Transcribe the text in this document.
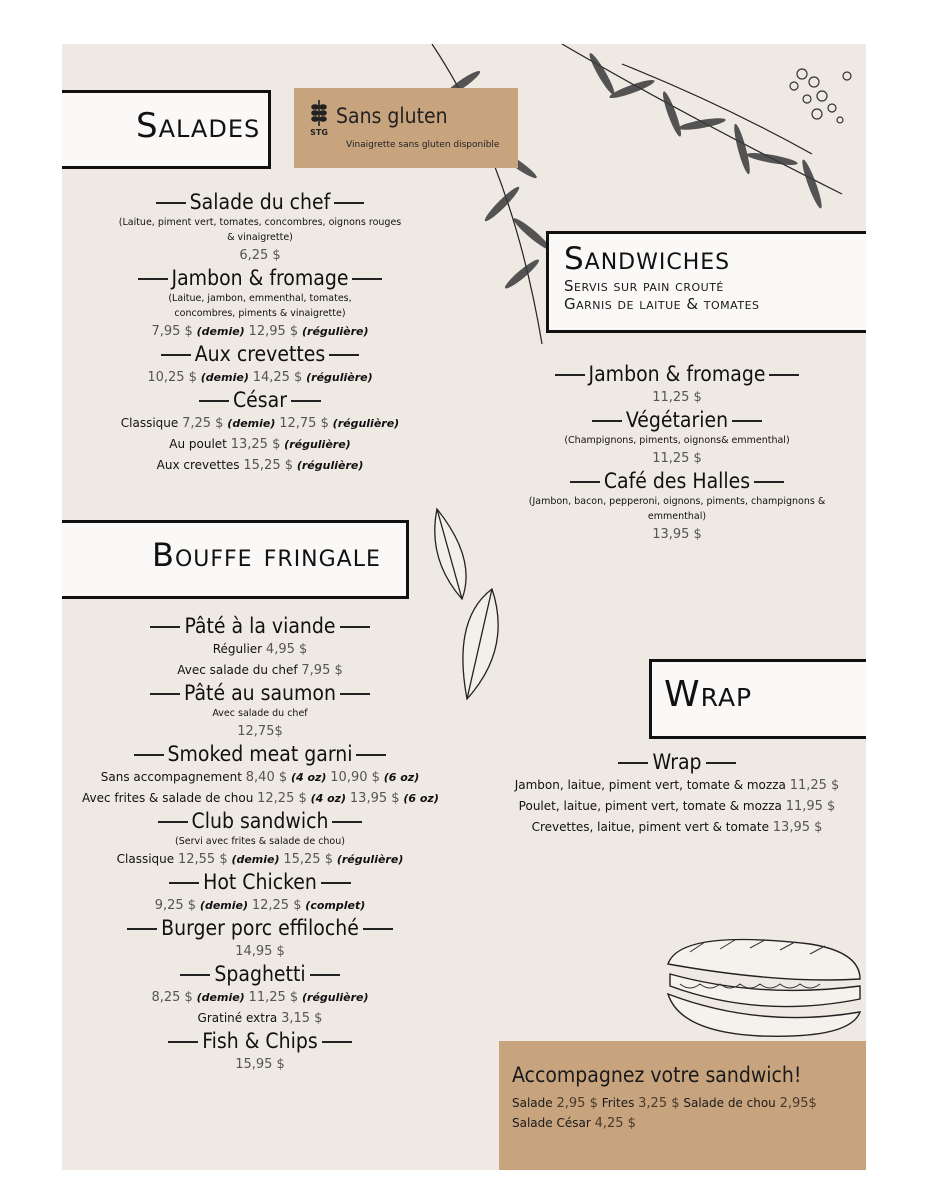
Salades	STG
Sans gluten
Vinaigrette sans gluten disponible
Salade du chef
(Laitue, piment vert, tomates, concombres, oignons rouges
& vinaigrette)
6,25 $
Jambon & fromage
(Laitue, jambon, emmenthal, tomates,
concombres, piments & vinaigrette)
7,95 $ (demie) 12,95 $ (régulière)
Aux crevettes
10,25 $ (demie) 14,25 $ (régulière)
César
Classique 7,25 $ (demie) 12,75 $ (régulière)
Au poulet 13,25 $ (régulière)
Aux crevettes 15,25 $ (régulière)
Sandwiches
Servis sur pain crouté
Garnis de laitue & tomates
Jambon & fromage
11,25 $
Végétarien
(Champignons, piments, oignons& emmenthal)
11,25 $
Café des Halles
(Jambon, bacon, pepperoni, oignons, piments, champignons &
emmenthal)
13,95 $
Bouffe fringale
Pâté à la viande
Régulier 4,95 $
Avec salade du chef 7,95 $
Pâté au saumon
Avec salade du chef
12,75$
Smoked meat garni
Sans accompagnement 8,40 $ (4 oz) 10,90 $ (6 oz)
Avec frites & salade de chou 12,25 $ (4 oz) 13,95 $ (6 oz)
Club sandwich
(Servi avec frites & salade de chou)
Classique 12,55 $ (demie) 15,25 $ (régulière)
Hot Chicken
9,25 $ (demie) 12,25 $ (complet)
Burger porc effiloché
14,95 $
Spaghetti
8,25 $ (demie) 11,25 $ (régulière)
Gratiné extra 3,15 $
Fish & Chips
15,95 $
Wrap
Wrap
Jambon, laitue, piment vert, tomate & mozza 11,25 $
Poulet, laitue, piment vert, tomate & mozza 11,95 $
Crevettes, laitue, piment vert & tomate 13,95 $
Accompagnez votre sandwich!
Salade 2,95 $ Frites 3,25 $ Salade de chou 2,95$
Salade César 4,25 $
